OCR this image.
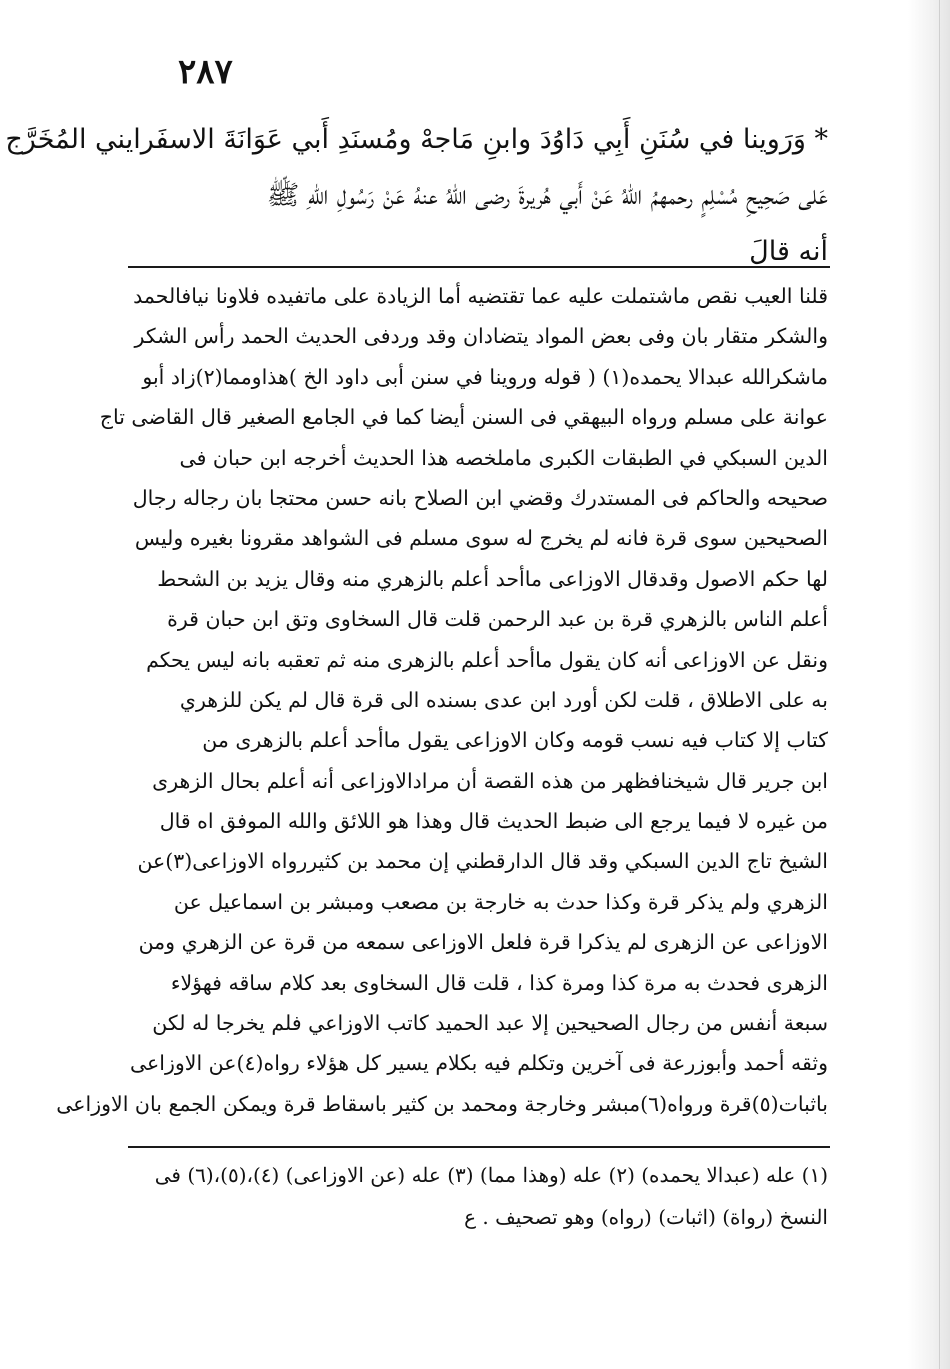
٢٨٧
* وَرَوينا في سُنَنِ أَبِي دَاوُدَ وابنِ مَاجهْ ومُسنَدِ أَبي عَوَانَةَ الاسفَرايني المُخَرَّج
عَلى صَحِيحِ مُسْلِمٍ رحمهمُ اللهُ عَنْ أَبي هُريرةَ رضى اللهُ عنهُ عَنْ رَسُولِ اللهِ ﷺ
أنه قالَ
قلنا العيب نقص ماشتملت عليه عما تقتضيه أما الزيادة على ماتفيده فلاونا نيافالحمد
والشكر متقار بان وفى بعض المواد يتضادان وقد وردفى الحديث الحمد رأس الشكر
ماشكرالله عبدالا يحمده(١) ( قوله وروينا في سنن أبى داود الخ )هذاومما(٢)زاد أبو
عوانة على مسلم ورواه البيهقي فى السنن أيضا كما في الجامع الصغير قال القاضى تاج
الدين السبكي في الطبقات الكبرى ماملخصه هذا الحديث أخرجه ابن حبان فى
صحيحه والحاكم فى المستدرك وقضي ابن الصلاح بانه حسن محتجا بان رجاله رجال
الصحيحين سوى قرة فانه لم يخرج له سوى مسلم فى الشواهد مقرونا بغيره وليس
لها حكم الاصول وقدقال الاوزاعى ماأحد أعلم بالزهري منه وقال يزيد بن الشحط
أعلم الناس بالزهري قرة بن عبد الرحمن قلت قال السخاوى وتق ابن حبان قرة
ونقل عن الاوزاعى أنه كان يقول ماأحد أعلم بالزهرى منه ثم تعقبه بانه ليس يحكم
به على الاطلاق ، قلت لكن أورد ابن عدى بسنده الى قرة قال لم يكن للزهري
كتاب إلا كتاب فيه نسب قومه وكان الاوزاعى يقول ماأحد أعلم بالزهرى من
ابن جرير قال شيخنافظهر من هذه القصة أن مرادالاوزاعى أنه أعلم بحال الزهرى
من غيره لا فيما يرجع الى ضبط الحديث قال وهذا هو اللائق والله الموفق اه قال
الشيخ تاج الدين السبكي وقد قال الدارقطني إن محمد بن كثيررواه الاوزاعى(٣)عن
الزهري ولم يذكر قرة وكذا حدث به خارجة بن مصعب ومبشر بن اسماعيل عن
الاوزاعى عن الزهرى لم يذكرا قرة فلعل الاوزاعى سمعه من قرة عن الزهري ومن
الزهرى فحدث به مرة كذا ومرة كذا ، قلت قال السخاوى بعد كلام ساقه فهؤلاء
سبعة أنفس من رجال الصحيحين إلا عبد الحميد كاتب الاوزاعي فلم يخرجا له لكن
وثقه أحمد وأبوزرعة فى آخرين وتكلم فيه بكلام يسير كل هؤلاء رواه(٤)عن الاوزاعى
باثبات(٥)قرة ورواه(٦)مبشر وخارجة ومحمد بن كثير باسقاط قرة ويمكن الجمع بان الاوزاعى
(١) عله (عبدالا يحمده) (٢) عله (وهذا مما) (٣) عله (عن الاوزاعى) (٤)،(٥)،(٦) فى
النسخ (رواة) (اثبات) (رواه) وهو تصحيف . ع
